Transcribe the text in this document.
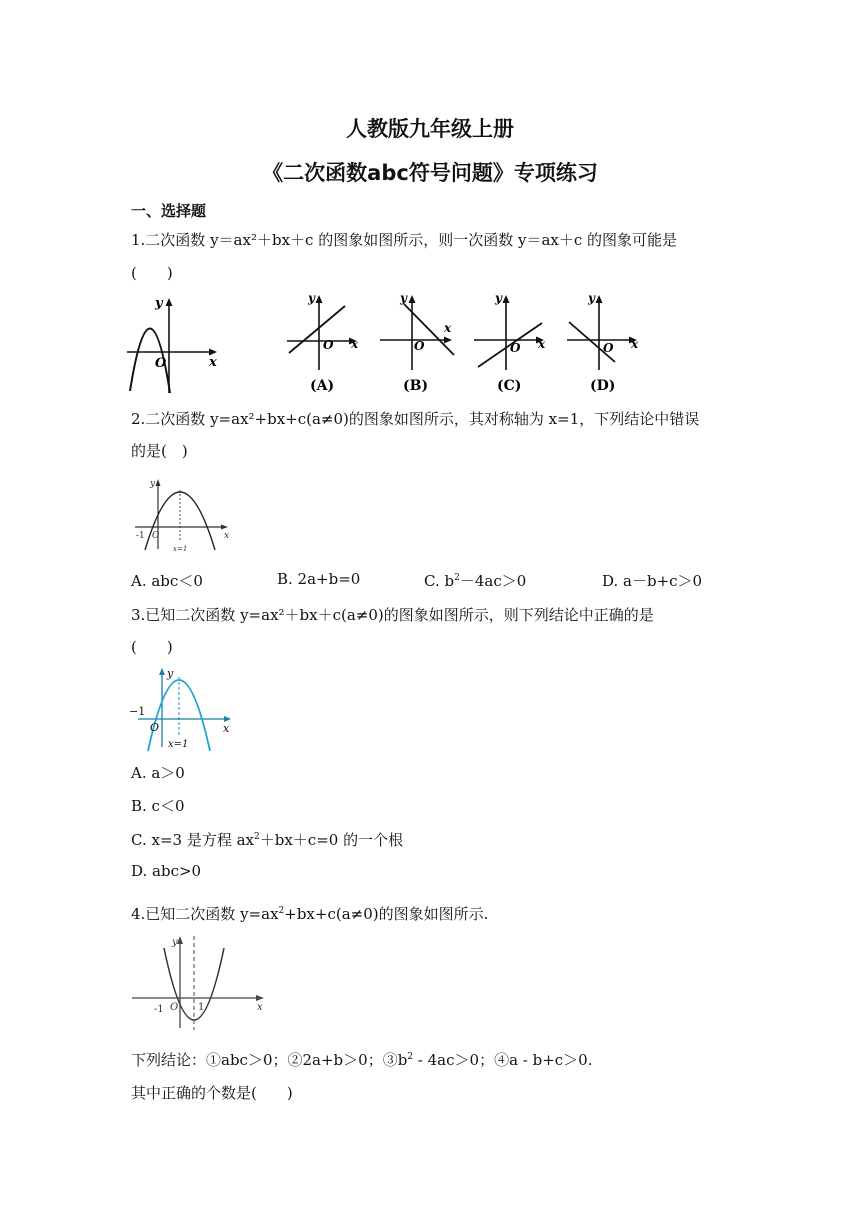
人教版九年级上册
《二次函数abc符号问题》专项练习
一、选择题
1.二次函数 y＝ax²＋bx＋c 的图象如图所示，则一次函数 y＝ax＋c 的图象可能是
(　　)
y
x
O
y
x
O
(A)
y
x
O
(B)
y
x
O
(C)
y
x
O
(D)
2.二次函数 y=ax²+bx+c(a≠0)的图象如图所示，其对称轴为 x=1，下列结论中错误
的是(　)
y
x
O
-1
x=1
A. abc＜0	B. 2a+b=0	C. $b^2-4ac>0$	D. a－b+c＞0
3.已知二次函数 y=ax²＋bx＋c(a≠0)的图象如图所示，则下列结论中正确的是
(　　)
y
x
O
−1
x=1
A. a＞0
B. c＜0
C. x=3 是方程 $ax^2+bx+c=0$ 的一个根
D. abc>0
4.已知二次函数 $y=ax^2+bx+c(a\ne 0)$的图象如图所示.
y
x
O
-1	1
下列结论：①abc＞0；②2a+b＞0；$③b^2 - 4ac>0$；④a - b+c＞0.
其中正确的个数是(　　)
